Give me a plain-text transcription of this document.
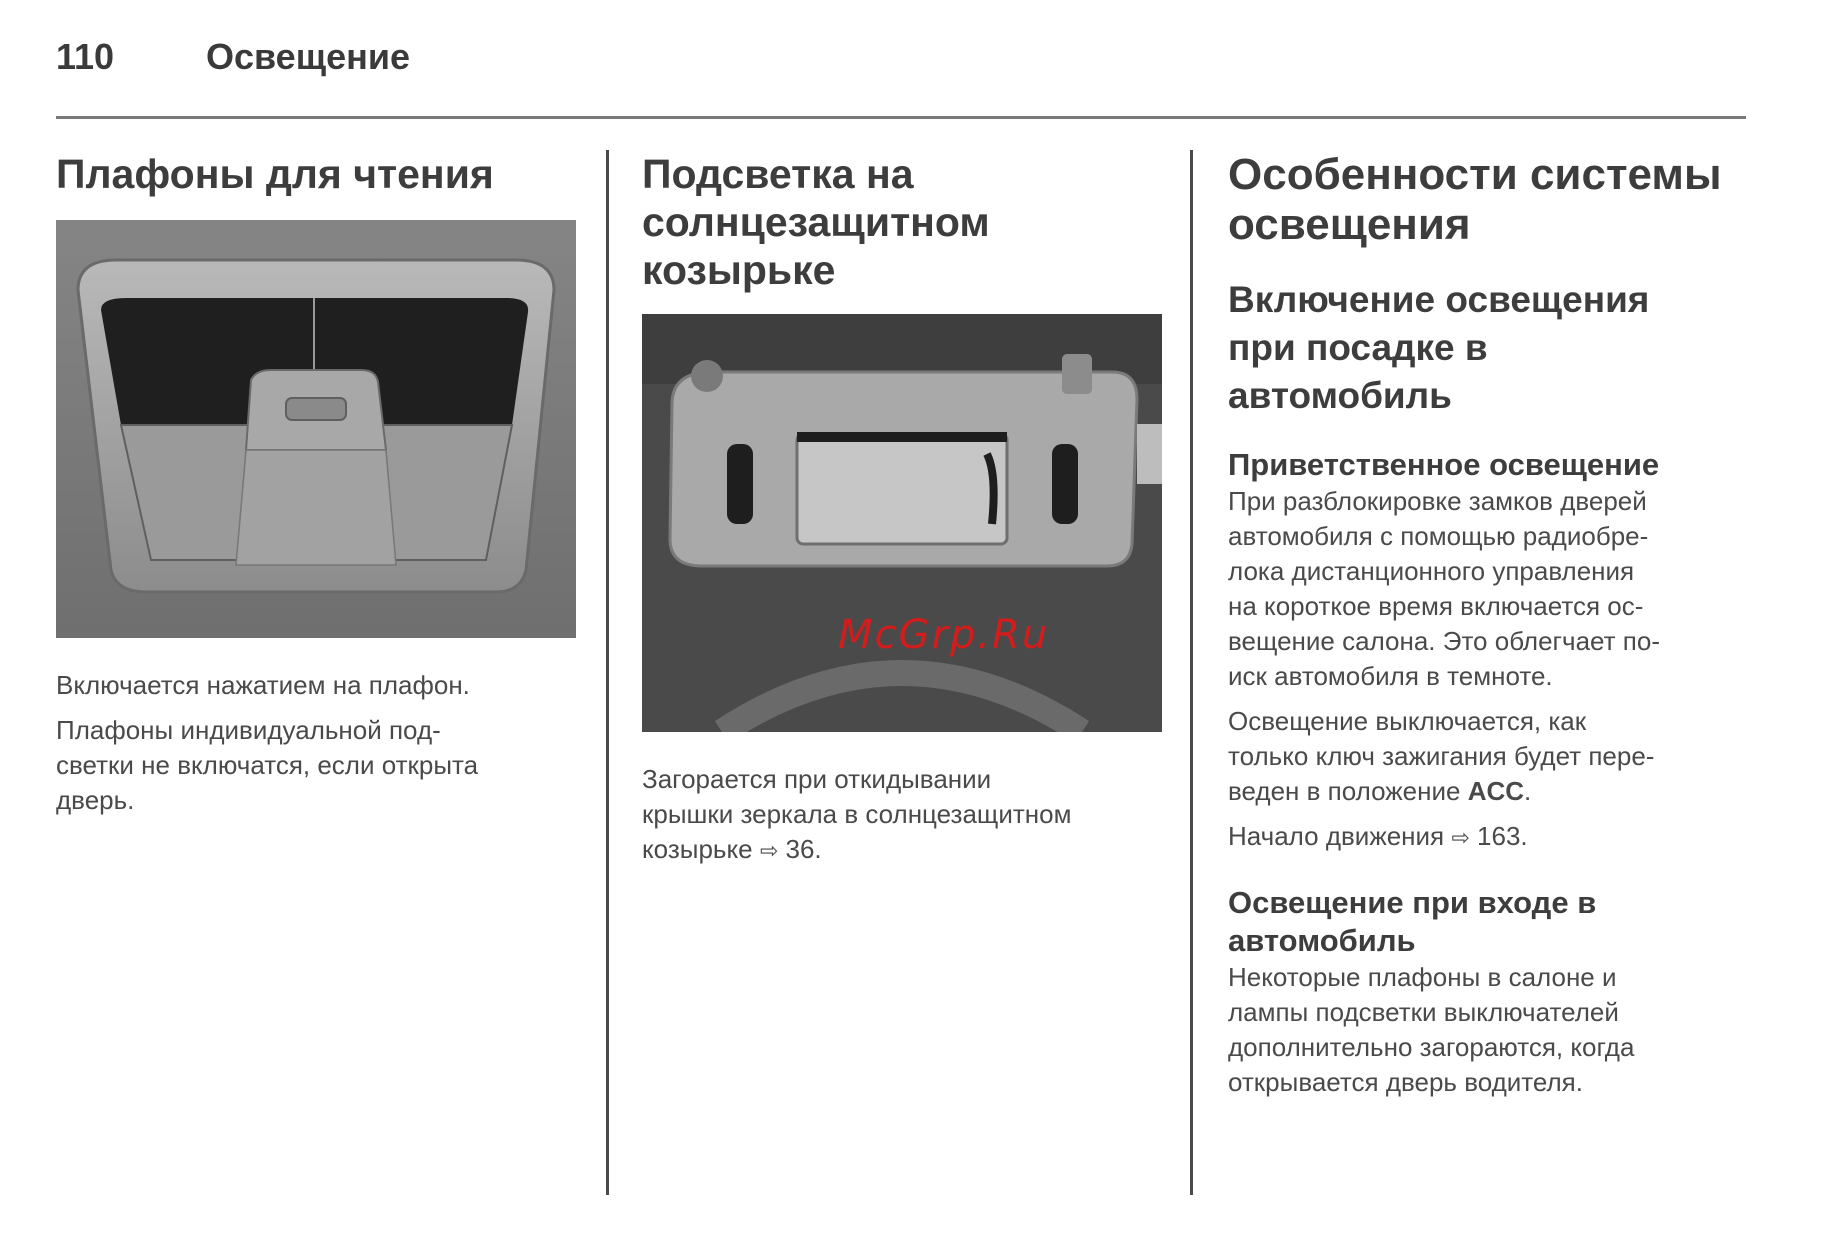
110	Освещение
Плафоны для чтения

Включается нажатием на плафон.

Плафоны индивидуальной под-
светки не включатся, если открыта
дверь.

Подсветка на
солнцезащитном
козырьке

Загорается при откидывании
крышки зеркала в солнцезащитном
козырьке ⇨ 36.

Особенности системы
освещения
Включение освещения
при посадке в
автомобиль
Приветственное освещение

При разблокировке замков дверей
автомобиля с помощью радиобре-
лока дистанционного управления
на короткое время включается ос-
вещение салона. Это облегчает по-
иск автомобиля в темноте.

Освещение выключается, как
только ключ зажигания будет пере-
веден в положение ACC.

Начало движения ⇨ 163.

Освещение при входе в
автомобиль

Некоторые плафоны в салоне и
лампы подсветки выключателей
дополнительно загораются, когда
открывается дверь водителя.

McGrp.Ru
